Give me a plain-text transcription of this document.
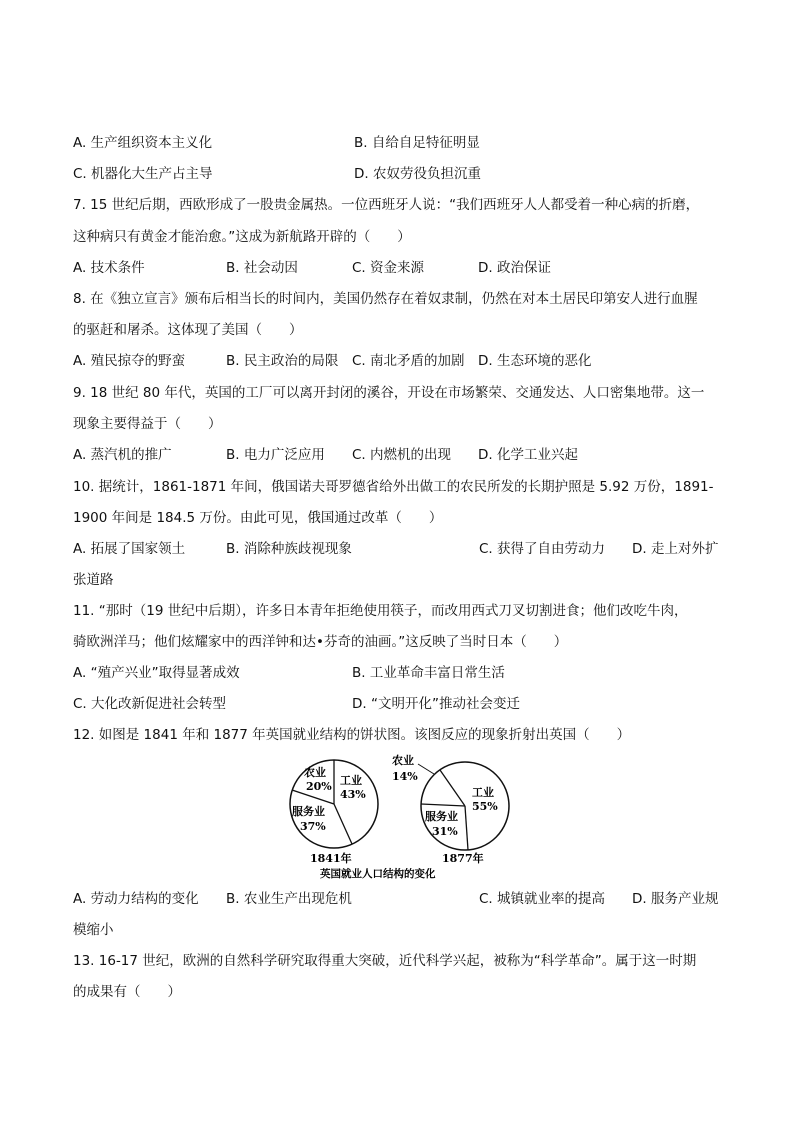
A. 生产组织资本主义化	B. 自给自足特征明显
C. 机器化大生产占主导	D. 农奴劳役负担沉重
7. 15 世纪后期，西欧形成了一股贵金属热。一位西班牙人说：“我们西班牙人人都受着一种心病的折磨，
这种病只有黄金才能治愈。”这成为新航路开辟的（　　）
A. 技术条件	B. 社会动因	C. 资金来源	D. 政治保证
8. 在《独立宣言》颁布后相当长的时间内，美国仍然存在着奴隶制，仍然在对本土居民印第安人进行血腥
的驱赶和屠杀。这体现了美国（　　）
A. 殖民掠夺的野蛮	B. 民主政治的局限 C. 南北矛盾的加剧 D. 生态环境的恶化
9. 18 世纪 80 年代，英国的工厂可以离开封闭的溪谷，开设在市场繁荣、交通发达、人口密集地带。这一
现象主要得益于（　　）
A. 蒸汽机的推广	B. 电力广泛应用 C. 内燃机的出现 D. 化学工业兴起
10. 据统计，1861-1871 年间，俄国诺夫哥罗德省给外出做工的农民所发的长期护照是 5.92 万份，1891-
1900 年间是 184.5 万份。由此可见，俄国通过改革（　　）
A. 拓展了国家领土	B. 消除种族歧视现象	C. 获得了自由劳动力 D. 走上对外扩
张道路
11. “那时（19 世纪中后期），许多日本青年拒绝使用筷子，而改用西式刀叉切割进食；他们改吃牛肉，
骑欧洲洋马；他们炫耀家中的西洋钟和达•芬奇的油画。”这反映了当时日本（　　）
A. “殖产兴业”取得显著成效	B. 工业革命丰富日常生活
C. 大化改新促进社会转型	D. “文明开化”推动社会变迁
12. 如图是 1841 年和 1877 年英国就业结构的饼状图。该图反应的现象折射出英国（　　）
农业
20% 工业
43%
服务业
37%
1841年
农业
14%
工业
55%
服务业
31%
1877年
英国就业人口结构的变化
A. 劳动力结构的变化 B. 农业生产出现危机	C. 城镇就业率的提高 D. 服务产业规
模缩小
13. 16-17 世纪，欧洲的自然科学研究取得重大突破，近代科学兴起，被称为“科学革命”。属于这一时期
的成果有（　　）
